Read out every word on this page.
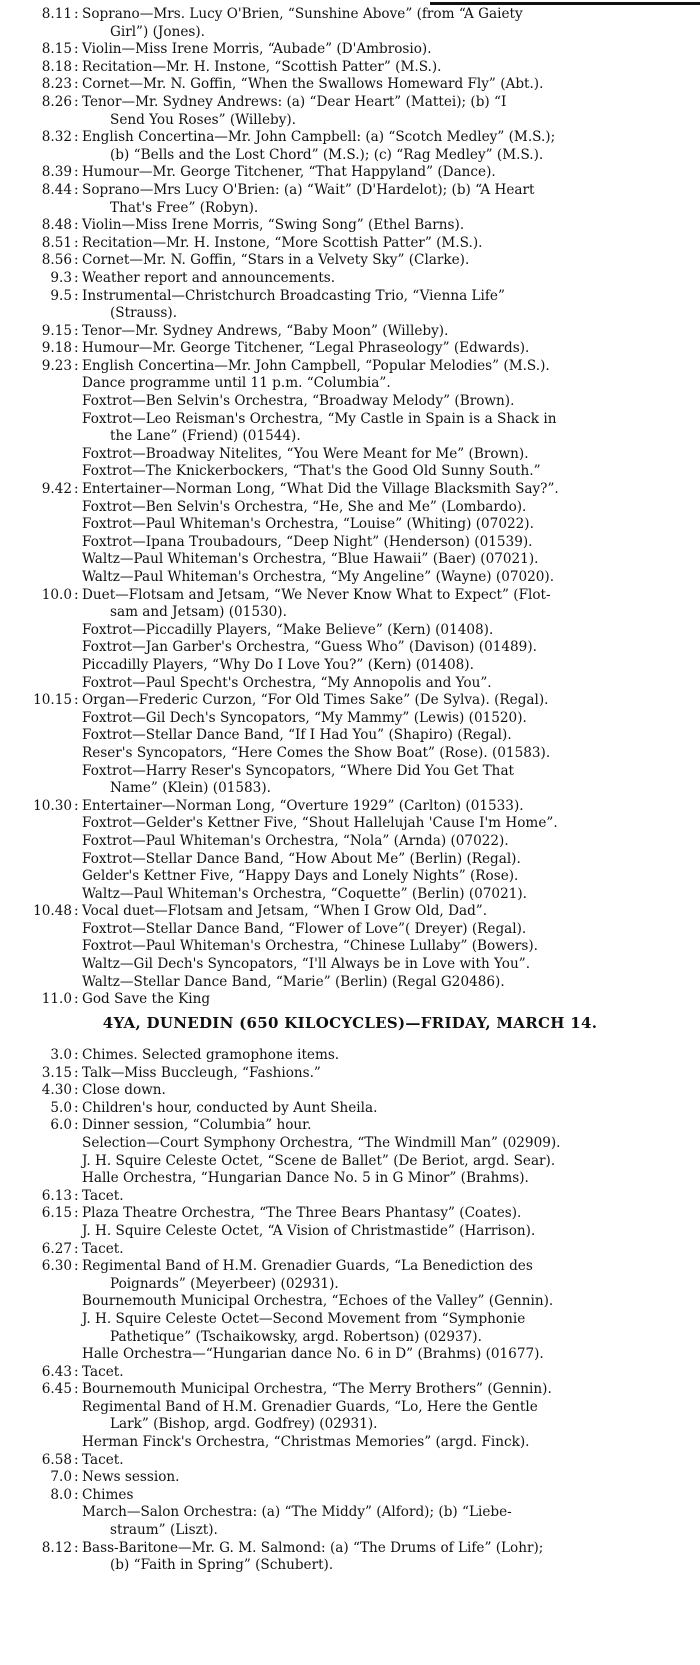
8.11 : Soprano—Mrs. Lucy O'Brien, “Sunshine Above” (from “A Gaiety
Girl”) (Jones).
8.15 : Violin—Miss Irene Morris, “Aubade” (D'Ambrosio).
8.18 : Recitation—Mr. H. Instone, “Scottish Patter” (M.S.).
8.23 : Cornet—Mr. N. Goffin, “When the Swallows Homeward Fly” (Abt.).
8.26 : Tenor—Mr. Sydney Andrews: (a) “Dear Heart” (Mattei); (b) “I
Send You Roses” (Willeby).
8.32 : English Concertina—Mr. John Campbell: (a) “Scotch Medley” (M.S.);
(b) “Bells and the Lost Chord” (M.S.); (c) “Rag Medley” (M.S.).
8.39 : Humour—Mr. George Titchener, “That Happyland” (Dance).
8.44 : Soprano—Mrs Lucy O'Brien: (a) “Wait” (D'Hardelot); (b) “A Heart
That's Free” (Robyn).
8.48 : Violin—Miss Irene Morris, “Swing Song” (Ethel Barns).
8.51 : Recitation—Mr. H. Instone, “More Scottish Patter” (M.S.).
8.56 : Cornet—Mr. N. Goffin, “Stars in a Velvety Sky” (Clarke).
9.3 : Weather report and announcements.
9.5 : Instrumental—Christchurch Broadcasting Trio, “Vienna Life”
(Strauss).
9.15 : Tenor—Mr. Sydney Andrews, “Baby Moon” (Willeby).
9.18 : Humour—Mr. George Titchener, “Legal Phraseology” (Edwards).
9.23 : English Concertina—Mr. John Campbell, “Popular Melodies” (M.S.).
Dance programme until 11 p.m. “Columbia”.
Foxtrot—Ben Selvin's Orchestra, “Broadway Melody” (Brown).
Foxtrot—Leo Reisman's Orchestra, “My Castle in Spain is a Shack in
the Lane” (Friend) (01544).
Foxtrot—Broadway Nitelites, “You Were Meant for Me” (Brown).
Foxtrot—The Knickerbockers, “That's the Good Old Sunny South.”
9.42 : Entertainer—Norman Long, “What Did the Village Blacksmith Say?”.
Foxtrot—Ben Selvin's Orchestra, “He, She and Me” (Lombardo).
Foxtrot—Paul Whiteman's Orchestra, “Louise” (Whiting) (07022).
Foxtrot—Ipana Troubadours, “Deep Night” (Henderson) (01539).
Waltz—Paul Whiteman's Orchestra, “Blue Hawaii” (Baer) (07021).
Waltz—Paul Whiteman's Orchestra, “My Angeline” (Wayne) (07020).
10.0 : Duet—Flotsam and Jetsam, “We Never Know What to Expect” (Flot-
sam and Jetsam) (01530).
Foxtrot—Piccadilly Players, “Make Believe” (Kern) (01408).
Foxtrot—Jan Garber's Orchestra, “Guess Who” (Davison) (01489).
Piccadilly Players, “Why Do I Love You?” (Kern) (01408).
Foxtrot—Paul Specht's Orchestra, “My Annopolis and You”.
10.15 : Organ—Frederic Curzon, “For Old Times Sake” (De Sylva). (Regal).
Foxtrot—Gil Dech's Syncopators, “My Mammy” (Lewis) (01520).
Foxtrot—Stellar Dance Band, “If I Had You” (Shapiro) (Regal).
Reser's Syncopators, “Here Comes the Show Boat” (Rose). (01583).
Foxtrot—Harry Reser's Syncopators, “Where Did You Get That
Name” (Klein) (01583).
10.30 : Entertainer—Norman Long, “Overture 1929” (Carlton) (01533).
Foxtrot—Gelder's Kettner Five, “Shout Hallelujah 'Cause I'm Home”.
Foxtrot—Paul Whiteman's Orchestra, “Nola” (Arnda) (07022).
Foxtrot—Stellar Dance Band, “How About Me” (Berlin) (Regal).
Gelder's Kettner Five, “Happy Days and Lonely Nights” (Rose).
Waltz—Paul Whiteman's Orchestra, “Coquette” (Berlin) (07021).
10.48 : Vocal duet—Flotsam and Jetsam, “When I Grow Old, Dad”.
Foxtrot—Stellar Dance Band, “Flower of Love”( Dreyer) (Regal).
Foxtrot—Paul Whiteman's Orchestra, “Chinese Lullaby” (Bowers).
Waltz—Gil Dech's Syncopators, “I'll Always be in Love with You”.
Waltz—Stellar Dance Band, “Marie” (Berlin) (Regal G20486).
11.0 : God Save the King
4YA, DUNEDIN (650 KILOCYCLES)—FRIDAY, MARCH 14.
3.0 : Chimes. Selected gramophone items.
3.15 : Talk—Miss Buccleugh, “Fashions.”
4.30 : Close down.
5.0 : Children's hour, conducted by Aunt Sheila.
6.0 : Dinner session, “Columbia” hour.
Selection—Court Symphony Orchestra, “The Windmill Man” (02909).
J. H. Squire Celeste Octet, “Scene de Ballet” (De Beriot, argd. Sear).
Halle Orchestra, “Hungarian Dance No. 5 in G Minor” (Brahms).
6.13 : Tacet.
6.15 : Plaza Theatre Orchestra, “The Three Bears Phantasy” (Coates).
J. H. Squire Celeste Octet, “A Vision of Christmastide” (Harrison).
6.27 : Tacet.
6.30 : Regimental Band of H.M. Grenadier Guards, “La Benediction des
Poignards” (Meyerbeer) (02931).
Bournemouth Municipal Orchestra, “Echoes of the Valley” (Gennin).
J. H. Squire Celeste Octet—Second Movement from “Symphonie
Pathetique” (Tschaikowsky, argd. Robertson) (02937).
Halle Orchestra—“Hungarian dance No. 6 in D” (Brahms) (01677).
6.43 : Tacet.
6.45 : Bournemouth Municipal Orchestra, “The Merry Brothers” (Gennin).
Regimental Band of H.M. Grenadier Guards, “Lo, Here the Gentle
Lark” (Bishop, argd. Godfrey) (02931).
Herman Finck's Orchestra, “Christmas Memories” (argd. Finck).
6.58 : Tacet.
7.0 : News session.
8.0 : Chimes
March—Salon Orchestra: (a) “The Middy” (Alford); (b) “Liebe-
straum” (Liszt).
8.12 : Bass-Baritone—Mr. G. M. Salmond: (a) “The Drums of Life” (Lohr);
(b) “Faith in Spring” (Schubert).
